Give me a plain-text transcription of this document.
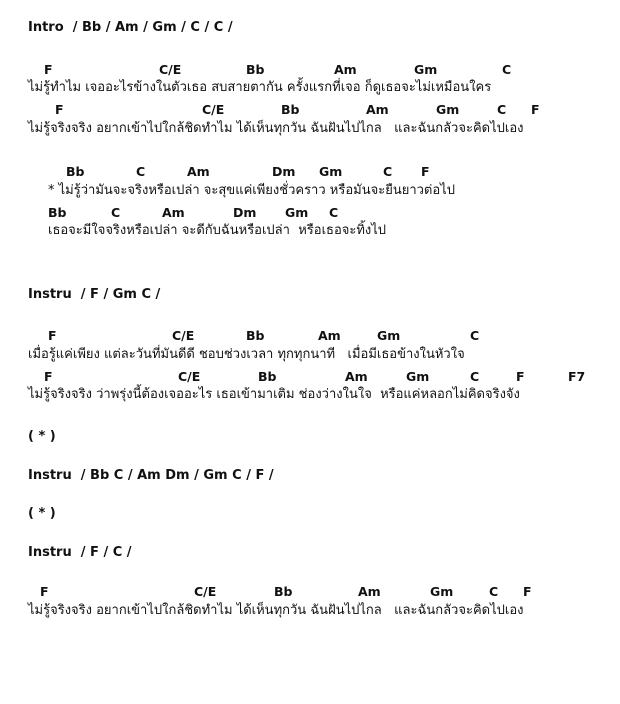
Intro  / Bb / Am / Gm / C / C /

F

	C/E

	Bb

	Am

	Gm

	C

ไม่รู้ทำไม เจออะไรข้างในตัวเธอ สบสายตากัน ครั้งแรกที่เจอ ก็ดูเธอจะไม่เหมือนใคร

F

	C/E

	Bb

	Am

	Gm

	C

F

ไม่รู้จริงจริง อยากเข้าไปใกล้ชิดทำไม ได้เห็นทุกวัน ฉันฝันไปไกล   และฉันกลัวจะคิดไปเอง

Bb

	C

	Am

	Dm

Gm

	C

F

* ไม่รู้ว่ามันจะจริงหรือเปล่า จะสุขแค่เพียงชั่วคราว หรือมันจะยืนยาวต่อไป

Bb

	C

	Am

	Dm

Gm

C

เธอจะมีใจจริงหรือเปล่า จะดีกับฉันหรือเปล่า  หรือเธอจะทิ้งไป
Instru  / F / Gm C /

F

	C/E

	Bb

	Am

	Gm

	C

เมื่อรู้แค่เพียง แต่ละวันที่มันดีดี ชอบช่วงเวลา ทุกทุกนาที   เมื่อมีเธอข้างในหัวใจ

F

	C/E

	Bb

	Am

	Gm

	C

	F

	F7

ไม่รู้จริงจริง ว่าพรุ่งนี้ต้องเจออะไร เธอเข้ามาเติม ช่องว่างในใจ  หรือแค่หลอกไม่คิดจริงจัง
( * )
Instru  / Bb C / Am Dm / Gm C / F /
( * )
Instru  / F / C /

F

	C/E

	Bb

	Am

	Gm

	C

F

ไม่รู้จริงจริง อยากเข้าไปใกล้ชิดทำไม ได้เห็นทุกวัน ฉันฝันไปไกล   และฉันกลัวจะคิดไปเอง
